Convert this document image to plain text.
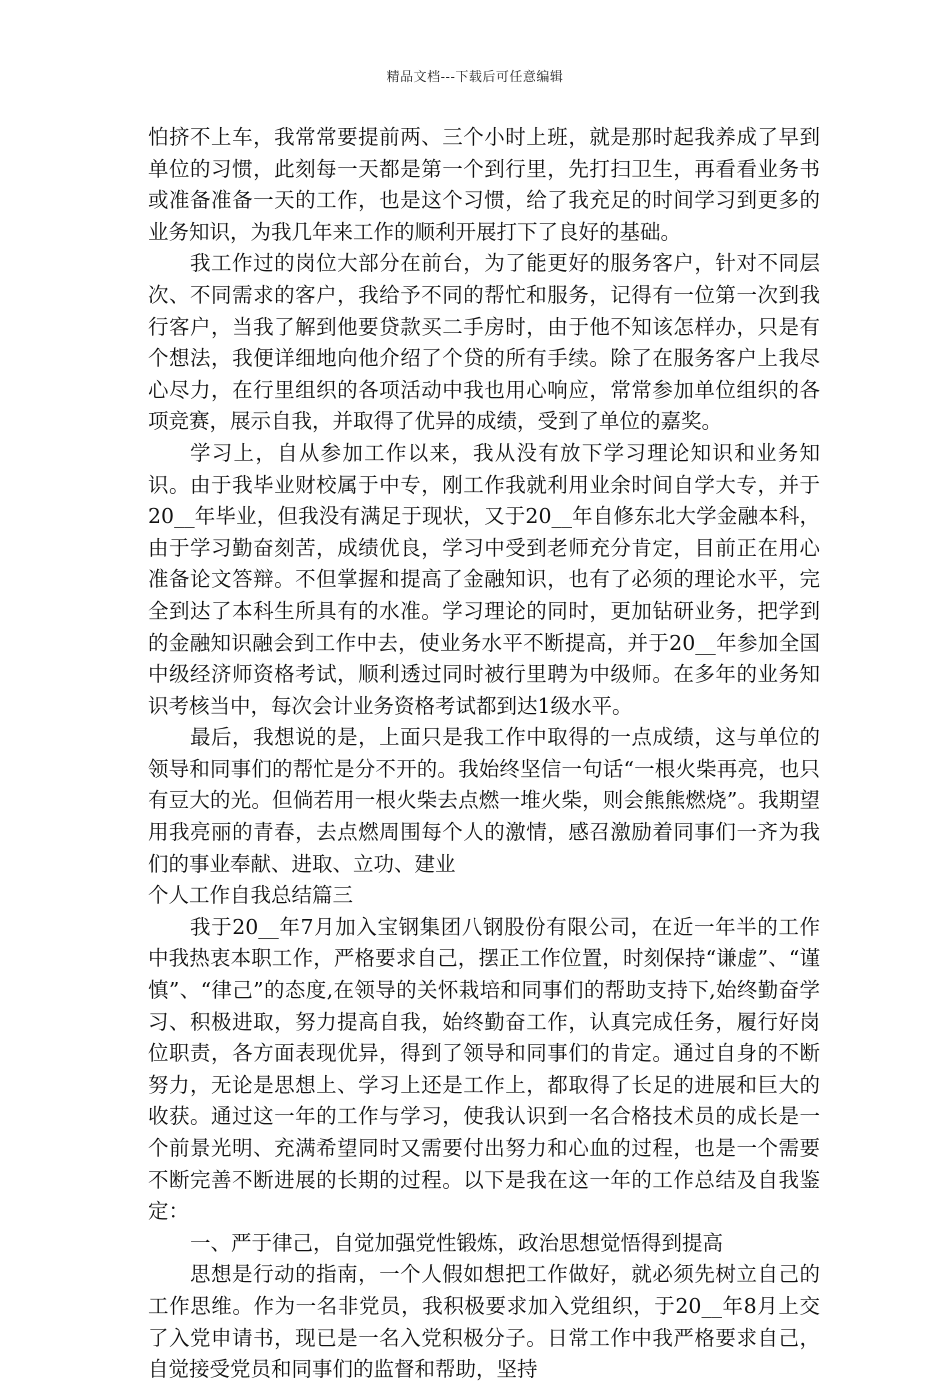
精品文档---下载后可任意编辑

怕挤不上车，我常常要提前两、三个小时上班，就是那时起我养成了早到单位的习惯，此刻每一天都是第一个到行里，先打扫卫生，再看看业务书或准备准备一天的工作，也是这个习惯，给了我充足的时间学习到更多的业务知识，为我几年来工作的顺利开展打下了良好的基础。

我工作过的岗位大部分在前台，为了能更好的服务客户，针对不同层次、不同需求的客户，我给予不同的帮忙和服务，记得有一位第一次到我行客户，当我了解到他要贷款买二手房时，由于他不知该怎样办，只是有个想法，我便详细地向他介绍了个贷的所有手续。除了在服务客户上我尽心尽力，在行里组织的各项活动中我也用心响应，常常参加单位组织的各项竞赛，展示自我，并取得了优异的成绩，受到了单位的嘉奖。

学习上，自从参加工作以来，我从没有放下学习理论知识和业务知识。由于我毕业财校属于中专，刚工作我就利用业余时间自学大专，并于20__年毕业，但我没有满足于现状，又于20__年自修东北大学金融本科，由于学习勤奋刻苦，成绩优良，学习中受到老师充分肯定，目前正在用心准备论文答辩。不但掌握和提高了金融知识，也有了必须的理论水平，完全到达了本科生所具有的水准。学习理论的同时，更加钻研业务，把学到的金融知识融会到工作中去，使业务水平不断提高，并于20__年参加全国中级经济师资格考试，顺利透过同时被行里聘为中级师。在多年的业务知识考核当中，每次会计业务资格考试都到达1级水平。

最后，我想说的是，上面只是我工作中取得的一点成绩，这与单位的领导和同事们的帮忙是分不开的。我始终坚信一句话“一根火柴再亮，也只有豆大的光。但倘若用一根火柴去点燃一堆火柴，则会熊熊燃烧”。我期望用我亮丽的青春，去点燃周围每个人的激情，感召激励着同事们一齐为我们的事业奉献、进取、立功、建业

个人工作自我总结篇三

我于20__年7月加入宝钢集团八钢股份有限公司，在近一年半的工作中我热衷本职工作，严格要求自己，摆正工作位置，时刻保持“谦虚”、“谨慎”、“律己”的态度,在领导的关怀栽培和同事们的帮助支持下,始终勤奋学习、积极进取，努力提高自我，始终勤奋工作，认真完成任务，履行好岗位职责，各方面表现优异，得到了领导和同事们的肯定。通过自身的不断努力，无论是思想上、学习上还是工作上，都取得了长足的进展和巨大的收获。通过这一年的工作与学习，使我认识到一名合格技术员的成长是一个前景光明、充满希望同时又需要付出努力和心血的过程，也是一个需要不断完善不断进展的长期的过程。以下是我在这一年的工作总结及自我鉴定：

一、严于律己，自觉加强党性锻炼，政治思想觉悟得到提高

思想是行动的指南，一个人假如想把工作做好，就必须先树立自己的工作思维。作为一名非党员，我积极要求加入党组织，于20__年8月上交了入党申请书，现已是一名入党积极分子。日常工作中我严格要求自己，自觉接受党员和同事们的监督和帮助，坚持
